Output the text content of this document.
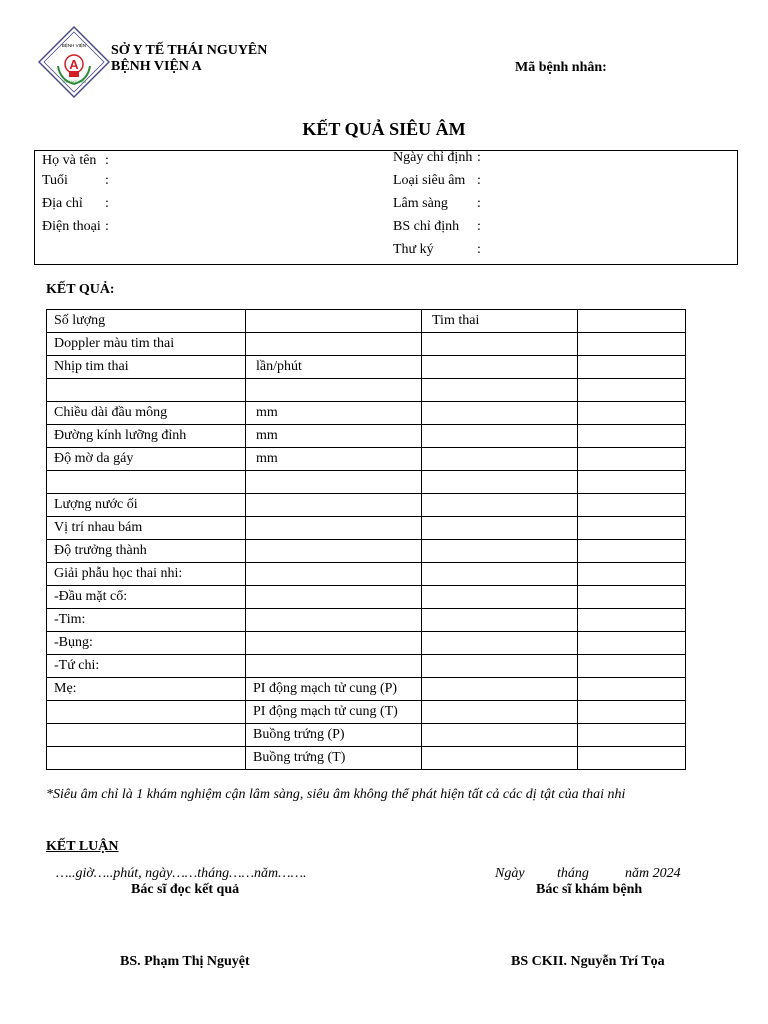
BỆNH VIỆN
A
THÁI NGUYÊN
SỞ Y TẾ THÁI NGUYÊN
BỆNH VIỆN A	Mã bệnh nhân:
KẾT QUẢ SIÊU ÂM
Họ và tên :
Tuổi	:
Địa chỉ :
Điện thoại :
Ngày chỉ định :
Loại siêu âm :
Lâm sàng :
BS chỉ định :
Thư ký	:
KẾT QUẢ:
Số lượng		Tim thai	
Doppler màu tim thai			
Nhịp tim thai	lần/phút		

Chiều dài đầu mông	mm		
Đường kính lưỡng đỉnh	mm		
Độ mờ da gáy	mm		

Lượng nước ối			
Vị trí nhau bám			
Độ trưởng thành			
Giải phẫu học thai nhi:			
-Đầu mặt cổ:			
-Tim:			
-Bụng:			
-Tứ chi:			
Mẹ:	PI động mạch tử cung (P)		
	PI động mạch tử cung (T)		
	Buồng trứng (P)		
	Buồng trứng (T)		
*Siêu âm chỉ là 1 khám nghiệm cận lâm sàng, siêu âm không thể phát hiện tất cả các dị tật của thai nhi
KẾT LUẬN
…..giờ…..phút, ngày……tháng……năm…….	Ngày tháng	năm 2024
Bác sĩ đọc kết quả	Bác sĩ khám bệnh
BS. Phạm Thị Nguyệt	BS CKII. Nguyễn Trí Tọa
